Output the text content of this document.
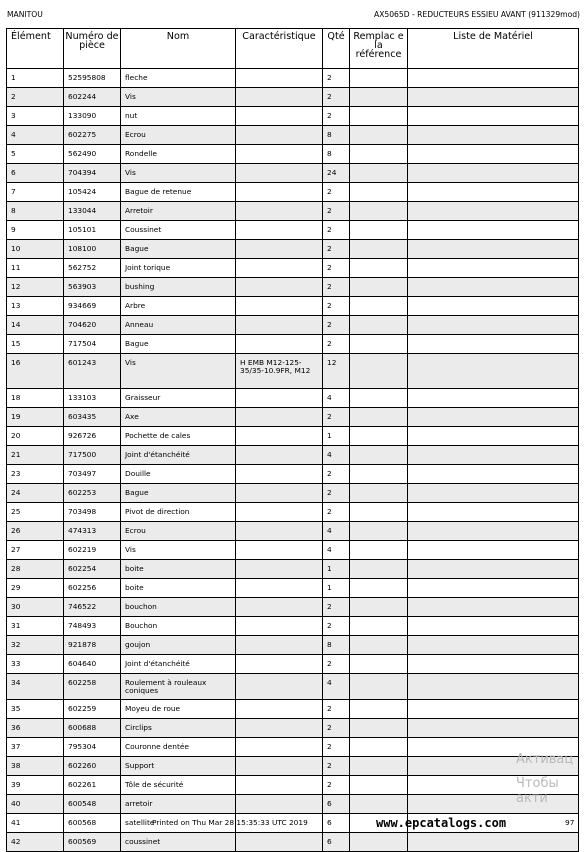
MANITOU	AX5065D - REDUCTEURS ESSIEU AVANT (911329mod)
Élément	Numéro de pièce	Nom	Caractéristique	Qté	Remplac e la référence	Liste de Matériel
1	52595808	fleche		2		
2	602244	Vis		2		
3	133090	nut		2		
4	602275	Ecrou		8		
5	562490	Rondelle		8		
6	704394	Vis		24		
7	105424	Bague de retenue		2		
8	133044	Arretoir		2		
9	105101	Coussinet		2		
10	108100	Bague		2		
11	562752	Joint torique		2		
12	563903	bushing		2		
13	934669	Arbre		2		
14	704620	Anneau		2		
15	717504	Bague		2		
16	601243	Vis	H EMB M12-125-35/35-10.9FR, M12	12		
18	133103	Graisseur		4		
19	603435	Axe		2		
20	926726	Pochette de cales		1		
21	717500	Joint d'étanchéité		4		
23	703497	Douille		2		
24	602253	Bague		2		
25	703498	Pivot de direction		2		
26	474313	Ecrou		4		
27	602219	Vis		4		
28	602254	boite		1		
29	602256	boite		1		
30	746522	bouchon		2		
31	748493	Bouchon		2		
32	921878	goujon		8		
33	604640	Joint d'étanchéité		2		
34	602258	Roulement à rouleaux coniques		4		
35	602259	Moyeu de roue		2		
36	600688	Circlips		2		
37	795304	Couronne dentée		2		
38	602260	Support		2		
39	602261	Tôle de sécurité		2		
40	600548	arretoir		6		
41	600568	satellite		6		
42	600569	coussinet		6		
Активац
Чтобы акти
Printed on Thu Mar 28 15:35:33 UTC 2019	www.epcatalogs.com	97
